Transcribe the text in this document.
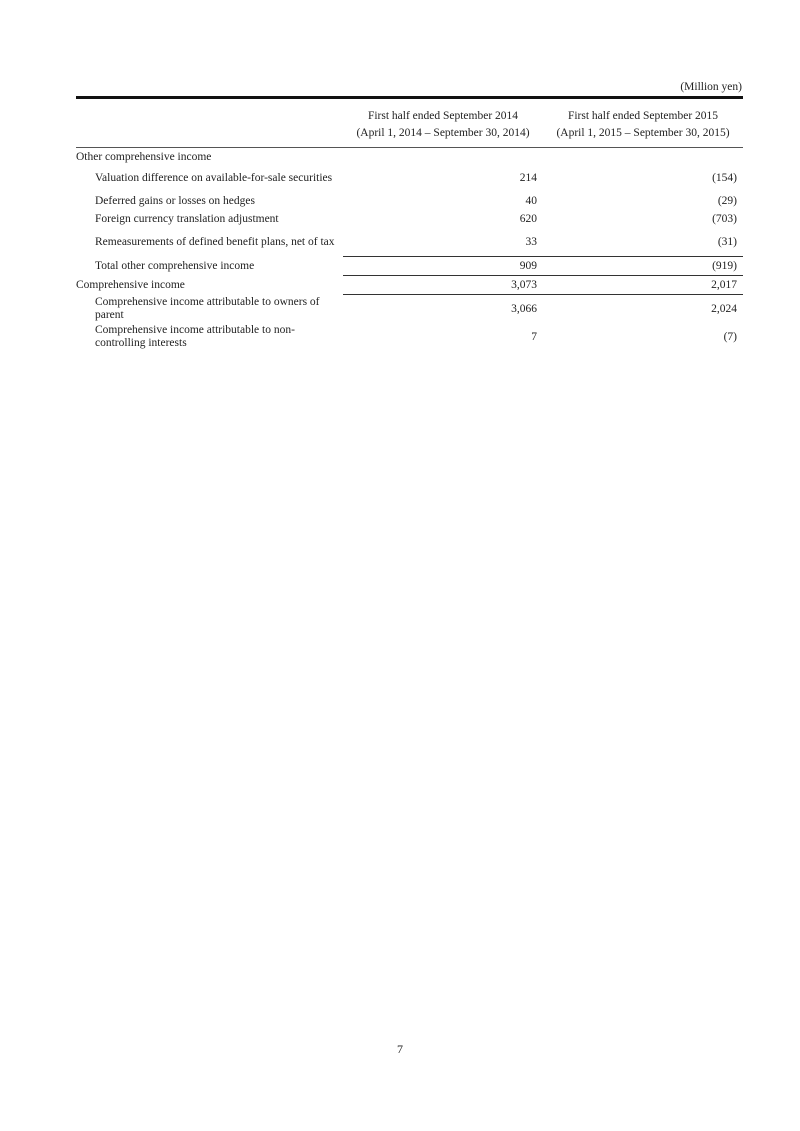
(Million yen)

	First half ended September 2014
(April 1, 2014 – September 30, 2014)	First half ended September 2015
(April 1, 2015 – September 30, 2015)

Other comprehensive income		
Valuation difference on available-for-sale securities	214	(154)
Deferred gains or losses on hedges	40	(29)
Foreign currency translation adjustment	620	(703)
Remeasurements of defined benefit plans, net of tax	33	(31)
Total other comprehensive income	909	(919)
Comprehensive income	3,073	2,017
Comprehensive income attributable to owners of parent	3,066	2,024
Comprehensive income attributable to non-controlling interests	7	(7)
7
